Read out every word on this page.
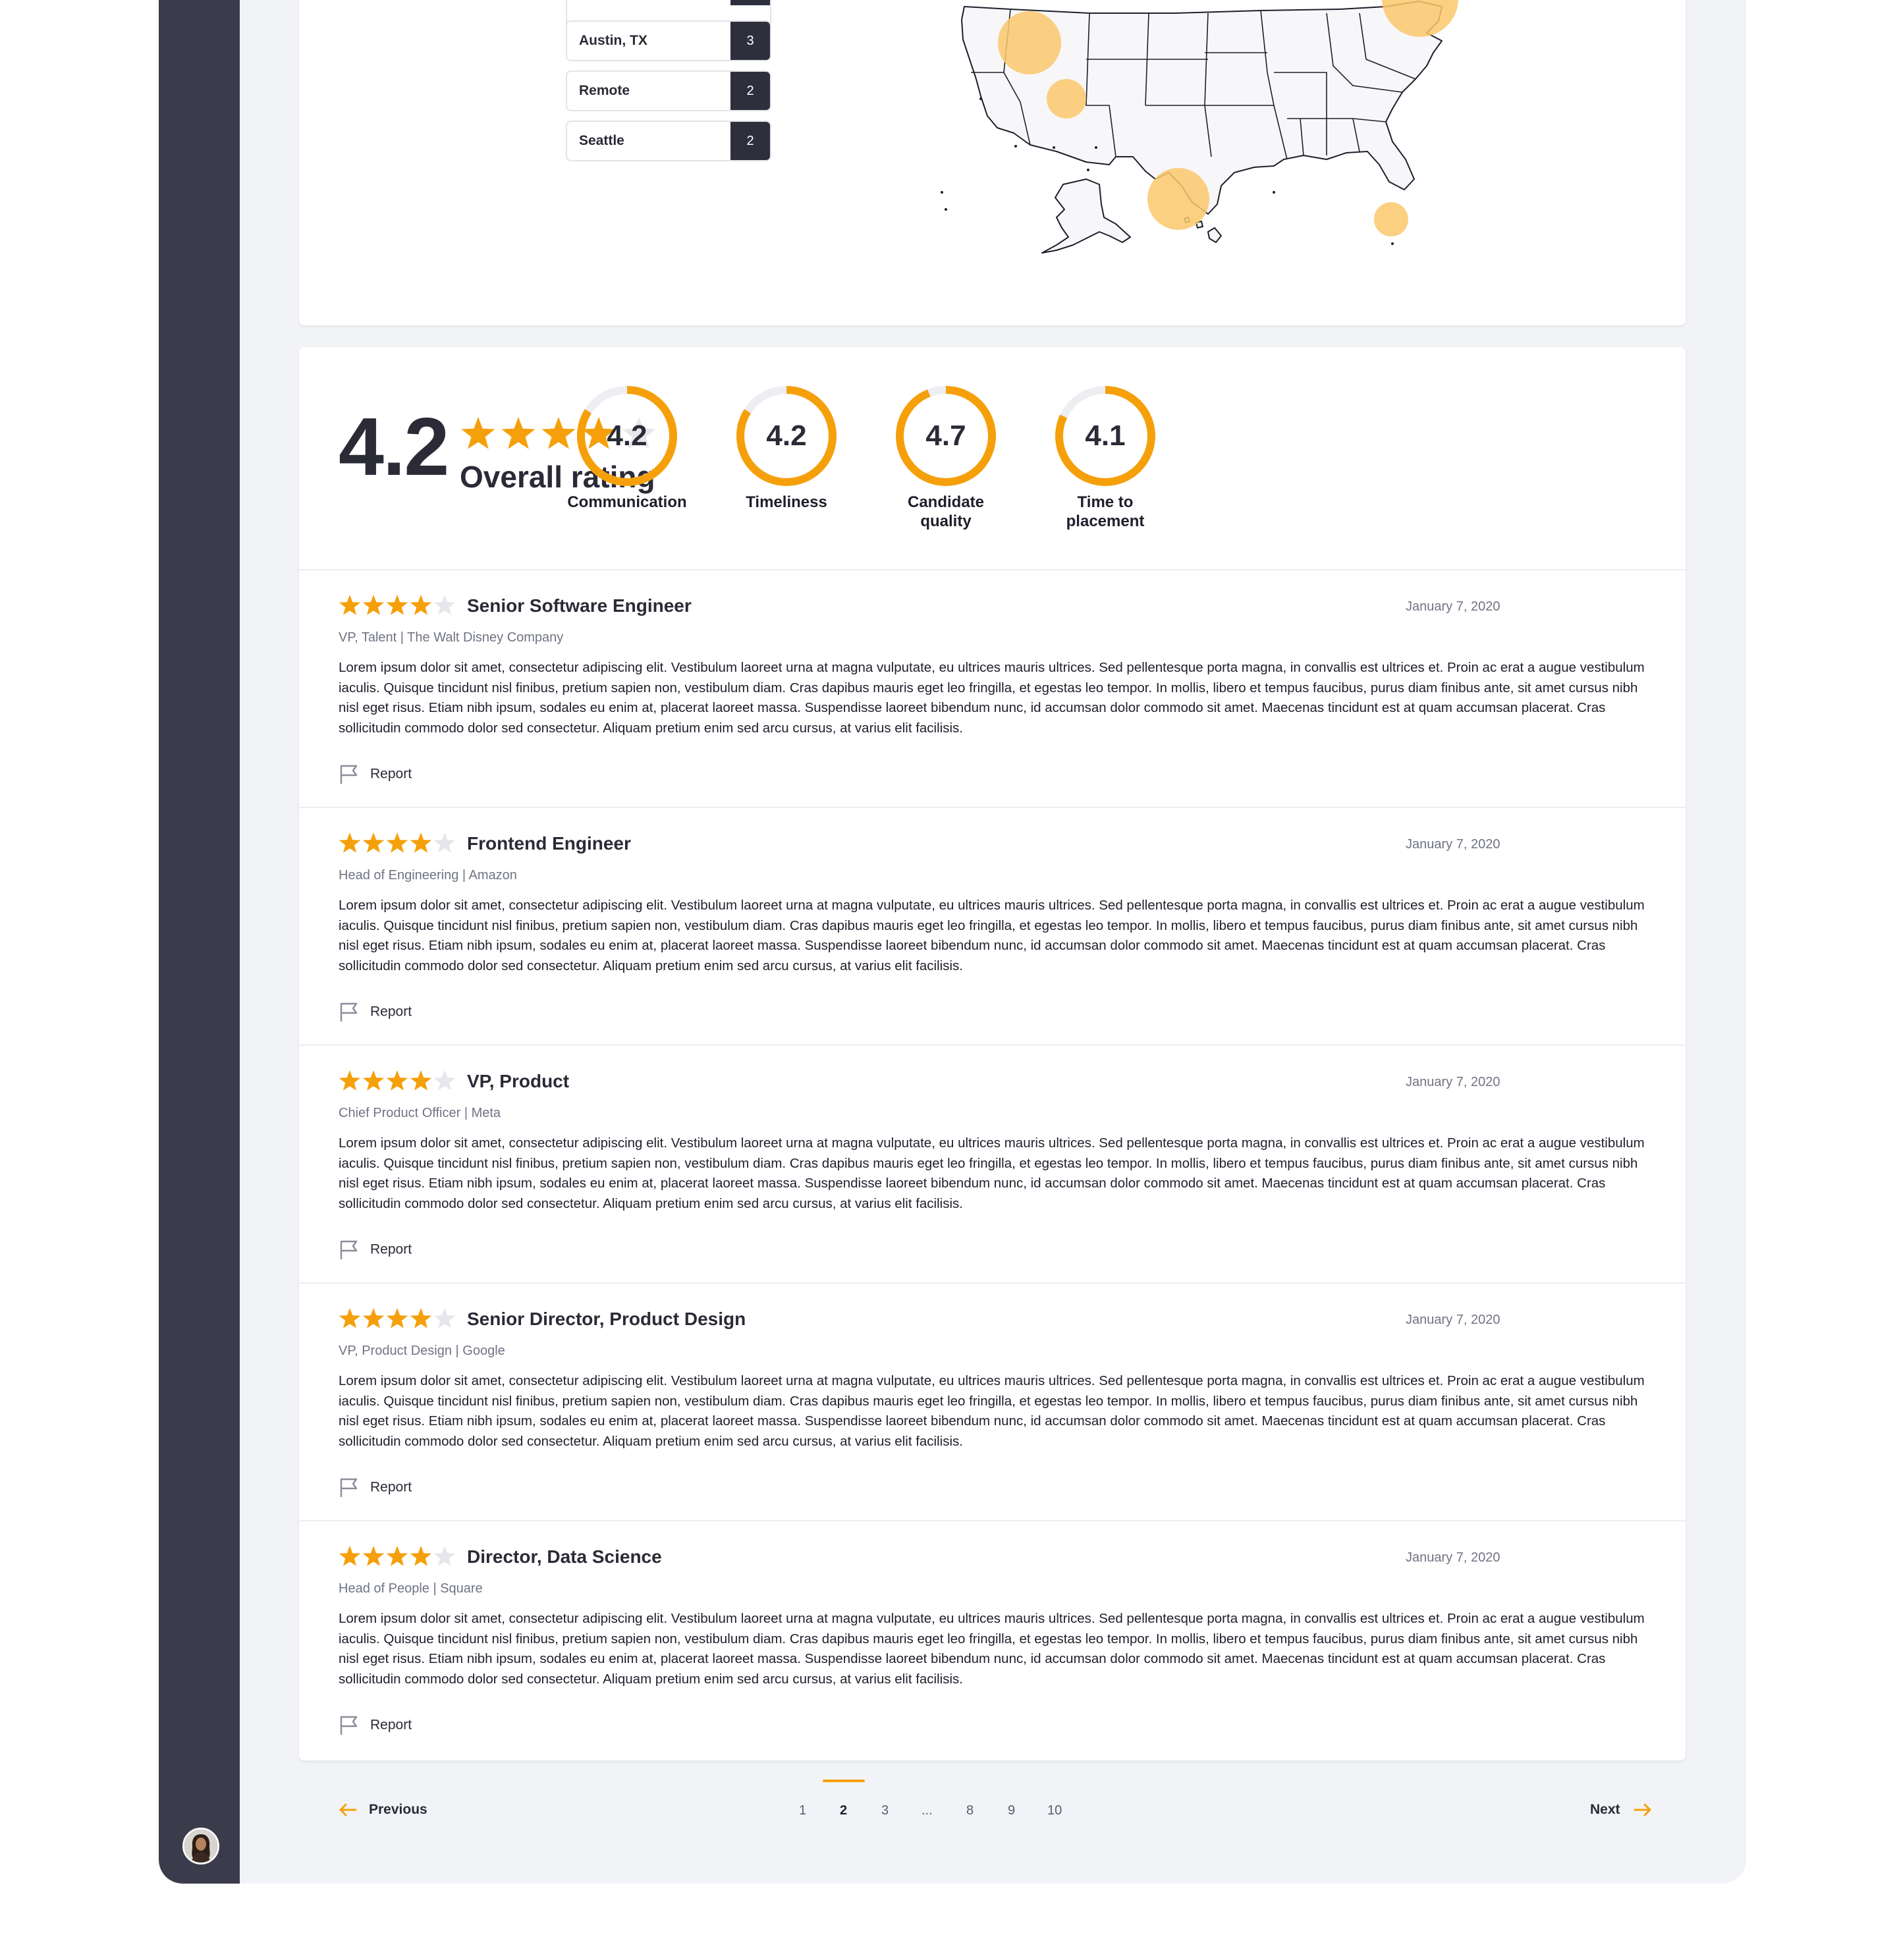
Austin, TX	3
Remote	2
Seattle	2
4.2 Overall rating
4.2
Communication
4.2
Timeliness
4.7
Candidate quality
4.1
Time to placement
Senior Software Engineer	January 7, 2020
VP, Talent | The Walt Disney Company
Lorem ipsum dolor sit amet, consectetur adipiscing elit. Vestibulum laoreet urna at magna vulputate, eu ultrices mauris ultrices. Sed pellentesque porta magna, in convallis est ultrices et. Proin ac erat a augue vestibulum iaculis. Quisque tincidunt nisl finibus, pretium sapien non, vestibulum diam. Cras dapibus mauris eget leo fringilla, et egestas leo tempor. In mollis, libero et tempus faucibus, purus diam finibus ante, sit amet cursus nibh nisl eget risus. Etiam nibh ipsum, sodales eu enim at, placerat laoreet massa. Suspendisse laoreet bibendum nunc, id accumsan dolor commodo sit amet. Maecenas tincidunt est at quam accumsan placerat. Cras sollicitudin commodo dolor sed consectetur. Aliquam pretium enim sed arcu cursus, at varius elit facilisis.
Report
Frontend Engineer	January 7, 2020
Head of Engineering | Amazon
Lorem ipsum dolor sit amet, consectetur adipiscing elit. Vestibulum laoreet urna at magna vulputate, eu ultrices mauris ultrices. Sed pellentesque porta magna, in convallis est ultrices et. Proin ac erat a augue vestibulum iaculis. Quisque tincidunt nisl finibus, pretium sapien non, vestibulum diam. Cras dapibus mauris eget leo fringilla, et egestas leo tempor. In mollis, libero et tempus faucibus, purus diam finibus ante, sit amet cursus nibh nisl eget risus. Etiam nibh ipsum, sodales eu enim at, placerat laoreet massa. Suspendisse laoreet bibendum nunc, id accumsan dolor commodo sit amet. Maecenas tincidunt est at quam accumsan placerat. Cras sollicitudin commodo dolor sed consectetur. Aliquam pretium enim sed arcu cursus, at varius elit facilisis.
Report
VP, Product	January 7, 2020
Chief Product Officer | Meta
Lorem ipsum dolor sit amet, consectetur adipiscing elit. Vestibulum laoreet urna at magna vulputate, eu ultrices mauris ultrices. Sed pellentesque porta magna, in convallis est ultrices et. Proin ac erat a augue vestibulum iaculis. Quisque tincidunt nisl finibus, pretium sapien non, vestibulum diam. Cras dapibus mauris eget leo fringilla, et egestas leo tempor. In mollis, libero et tempus faucibus, purus diam finibus ante, sit amet cursus nibh nisl eget risus. Etiam nibh ipsum, sodales eu enim at, placerat laoreet massa. Suspendisse laoreet bibendum nunc, id accumsan dolor commodo sit amet. Maecenas tincidunt est at quam accumsan placerat. Cras sollicitudin commodo dolor sed consectetur. Aliquam pretium enim sed arcu cursus, at varius elit facilisis.
Report
Senior Director, Product Design	January 7, 2020
VP, Product Design | Google
Lorem ipsum dolor sit amet, consectetur adipiscing elit. Vestibulum laoreet urna at magna vulputate, eu ultrices mauris ultrices. Sed pellentesque porta magna, in convallis est ultrices et. Proin ac erat a augue vestibulum iaculis. Quisque tincidunt nisl finibus, pretium sapien non, vestibulum diam. Cras dapibus mauris eget leo fringilla, et egestas leo tempor. In mollis, libero et tempus faucibus, purus diam finibus ante, sit amet cursus nibh nisl eget risus. Etiam nibh ipsum, sodales eu enim at, placerat laoreet massa. Suspendisse laoreet bibendum nunc, id accumsan dolor commodo sit amet. Maecenas tincidunt est at quam accumsan placerat. Cras sollicitudin commodo dolor sed consectetur. Aliquam pretium enim sed arcu cursus, at varius elit facilisis.
Report
Director, Data Science	January 7, 2020
Head of People | Square
Lorem ipsum dolor sit amet, consectetur adipiscing elit. Vestibulum laoreet urna at magna vulputate, eu ultrices mauris ultrices. Sed pellentesque porta magna, in convallis est ultrices et. Proin ac erat a augue vestibulum iaculis. Quisque tincidunt nisl finibus, pretium sapien non, vestibulum diam. Cras dapibus mauris eget leo fringilla, et egestas leo tempor. In mollis, libero et tempus faucibus, purus diam finibus ante, sit amet cursus nibh nisl eget risus. Etiam nibh ipsum, sodales eu enim at, placerat laoreet massa. Suspendisse laoreet bibendum nunc, id accumsan dolor commodo sit amet. Maecenas tincidunt est at quam accumsan placerat. Cras sollicitudin commodo dolor sed consectetur. Aliquam pretium enim sed arcu cursus, at varius elit facilisis.
Report
Previous	1	2	3 ...	8	9 10	Next
